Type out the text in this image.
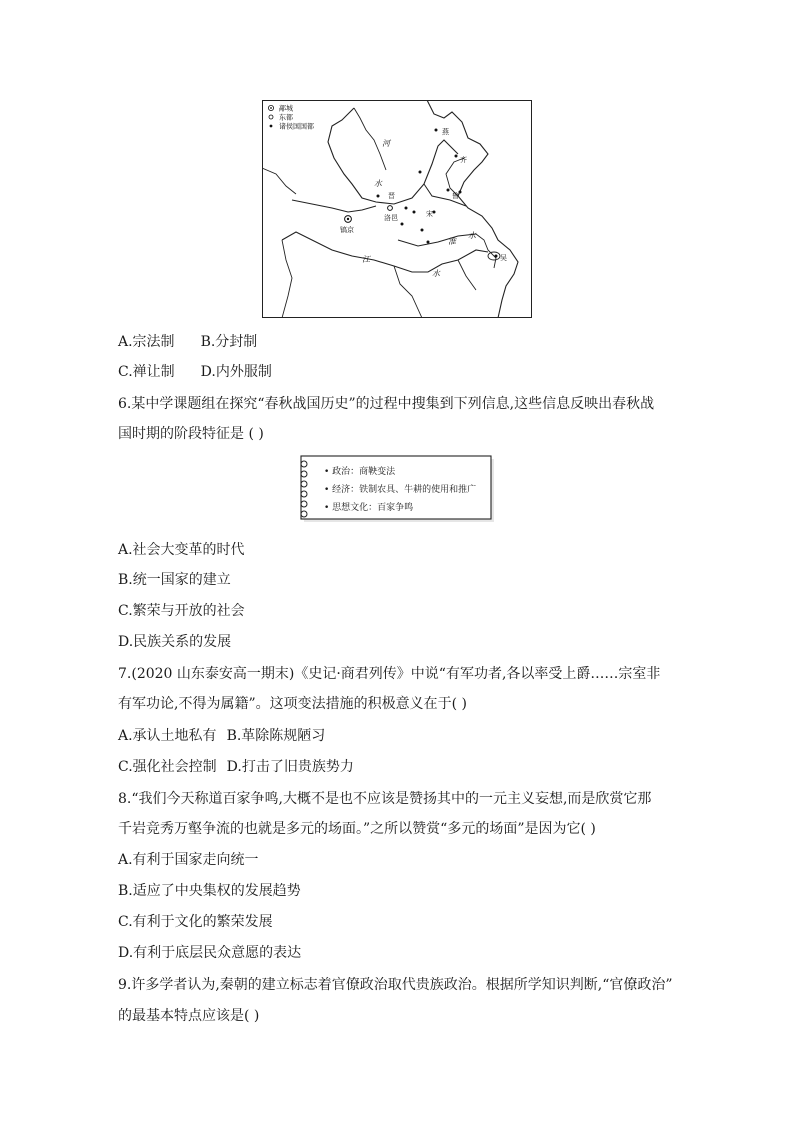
鄗城
东都
诸侯国国都
河
水
晋
燕
齐
鲁
洛邑	宋
镐京
江
淮
水
水
吴
A.宗法制 B.分封制
C.禅让制 D.内外服制
6.某中学课题组在探究“春秋战国历史”的过程中搜集到下列信息,这些信息反映出春秋战
国时期的阶段特征是 ( )
• 政治：商鞅变法
• 经济：铁制农具、牛耕的使用和推广
• 思想文化：百家争鸣
A.社会大变革的时代
B.统一国家的建立
C.繁荣与开放的社会
D.民族关系的发展
7.(2020 山东泰安高一期末)《史记·商君列传》中说“有军功者,各以率受上爵……宗室非
有军功论,不得为属籍”。这项变法措施的积极意义在于( )
A.承认土地私有 B.革除陈规陋习
C.强化社会控制 D.打击了旧贵族势力
8.“我们今天称道百家争鸣,大概不是也不应该是赞扬其中的一元主义妄想,而是欣赏它那
千岩竞秀万壑争流的也就是多元的场面。”之所以赞赏“多元的场面”是因为它( )
A.有利于国家走向统一
B.适应了中央集权的发展趋势
C.有利于文化的繁荣发展
D.有利于底层民众意愿的表达
9.许多学者认为,秦朝的建立标志着官僚政治取代贵族政治。根据所学知识判断,“官僚政治”
的最基本特点应该是( )
